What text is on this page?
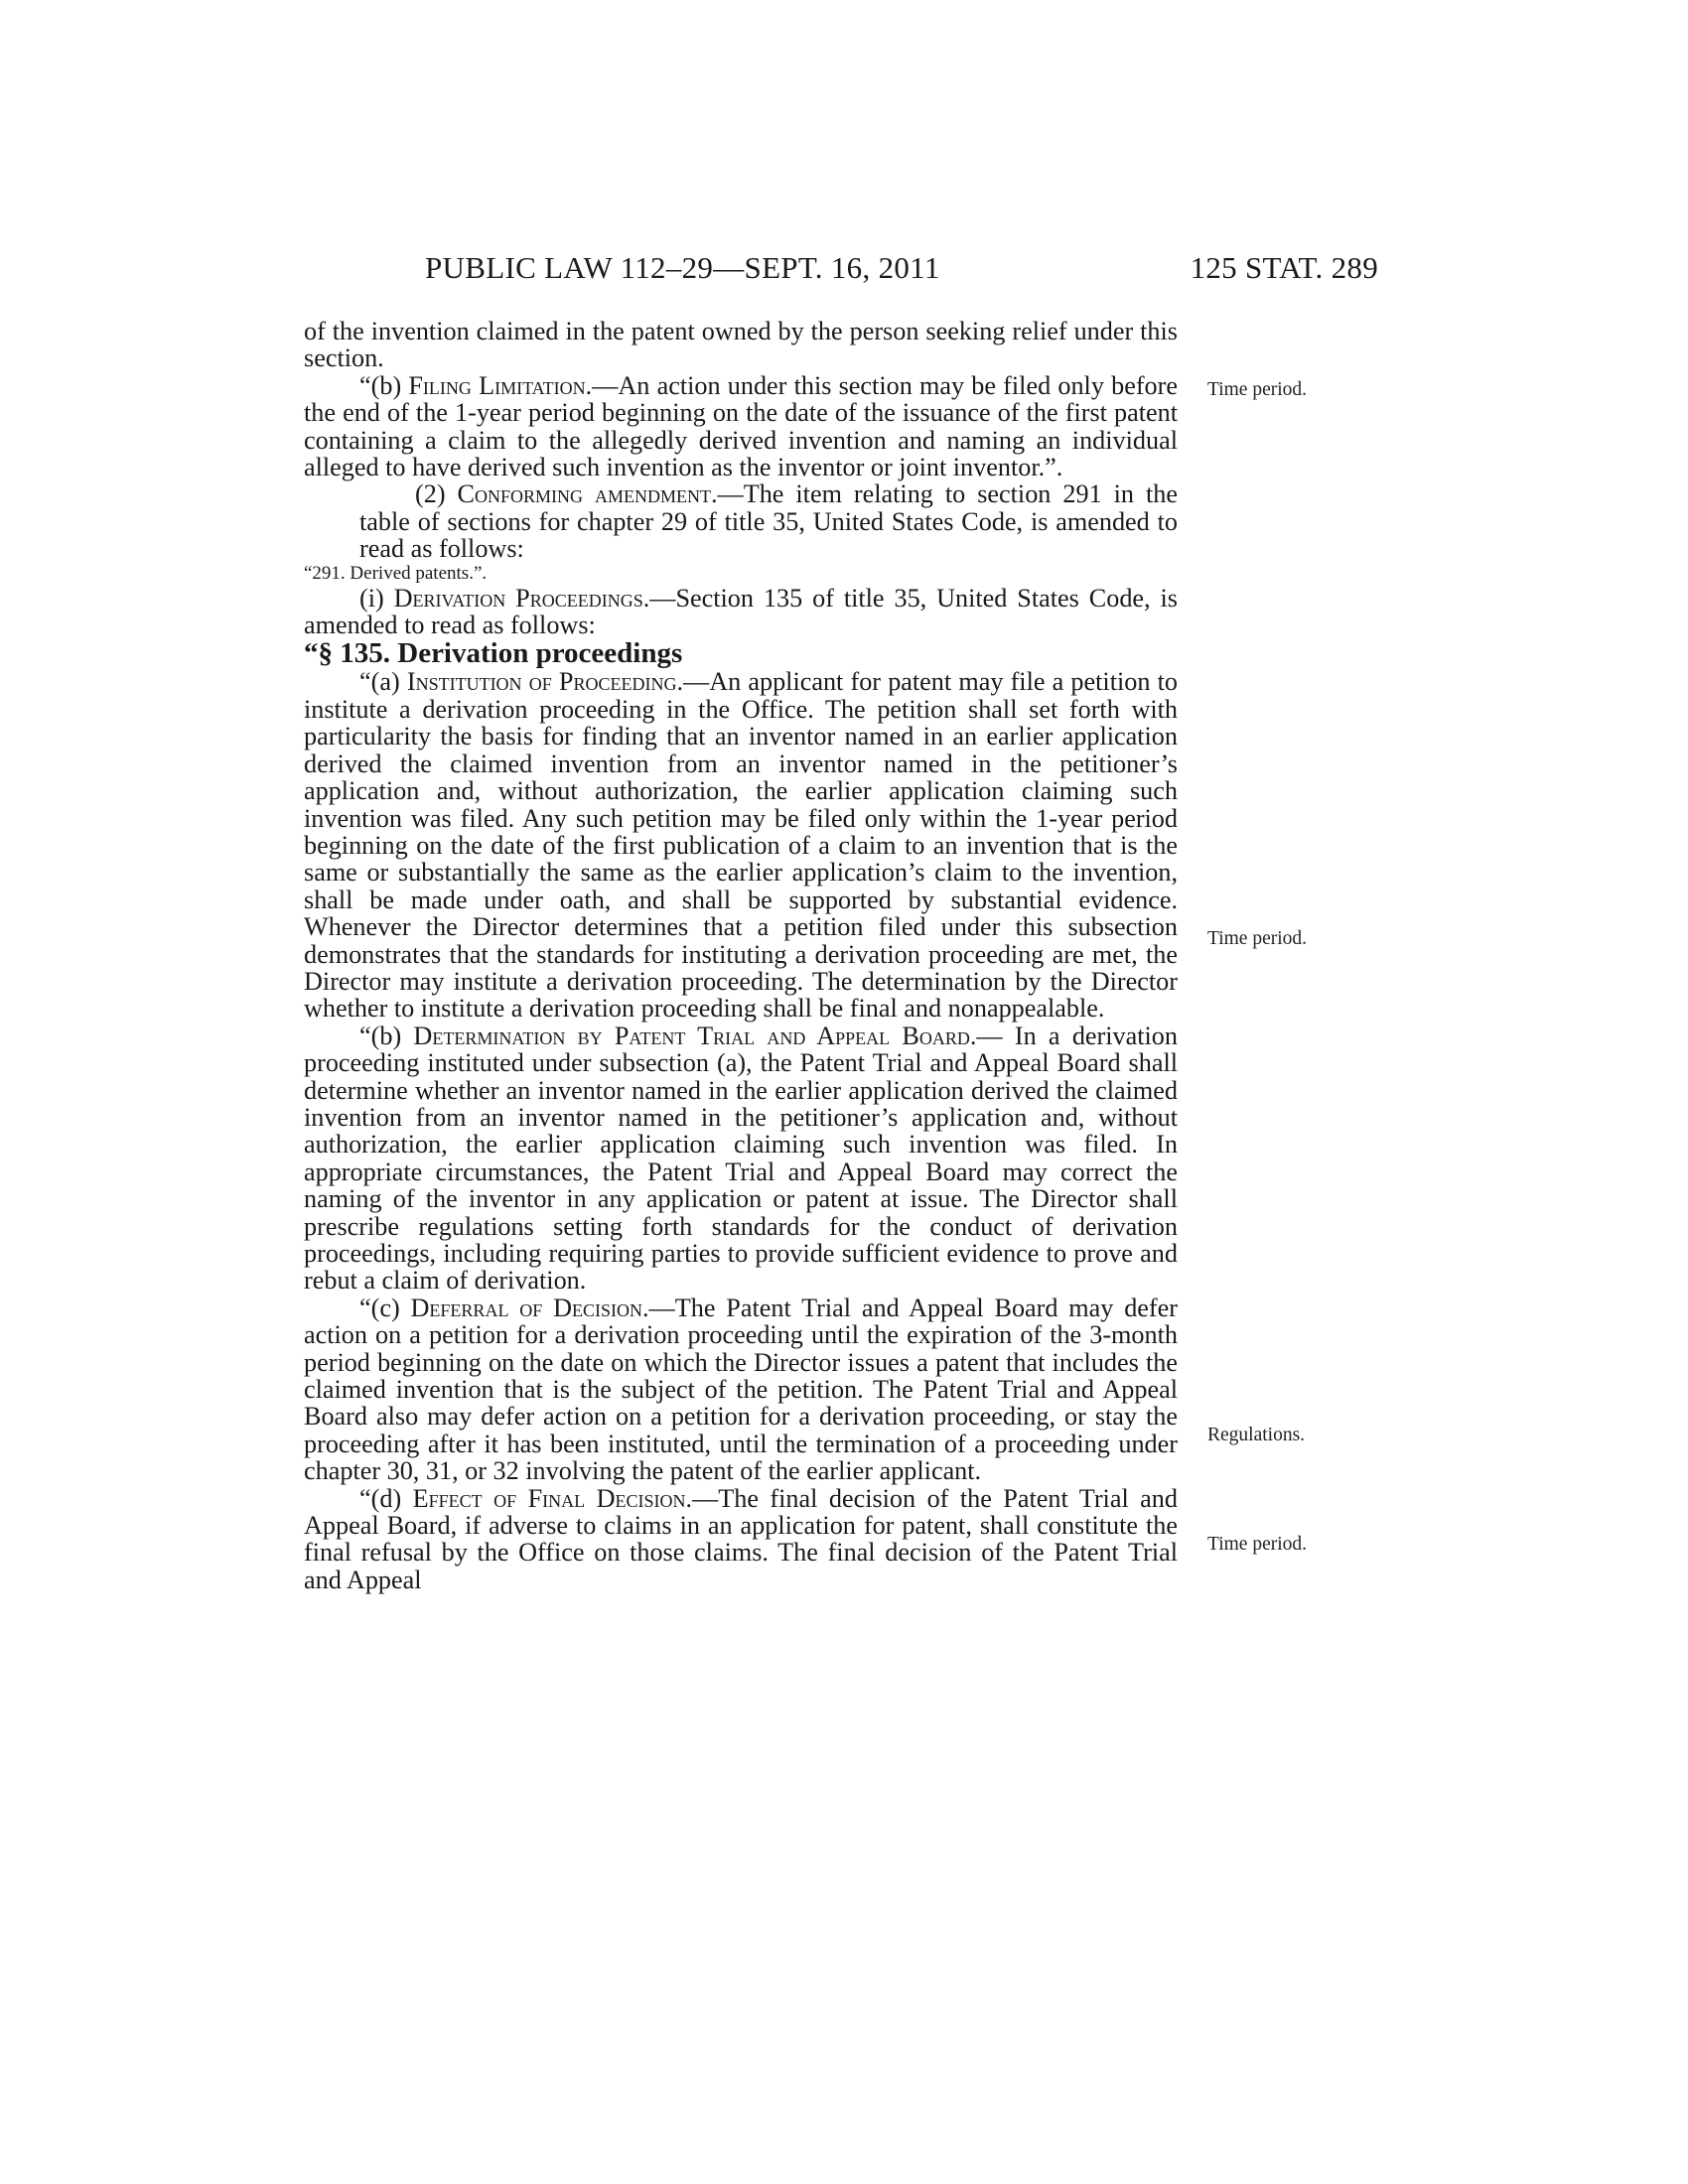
PUBLIC LAW 112–29—SEPT. 16, 2011	125 STAT. 289

of the invention claimed in the patent owned by the person seeking relief under this section.

“(b) Filing Limitation.—An action under this section may be filed only before the end of the 1-year period beginning on the date of the issuance of the first patent containing a claim to the allegedly derived invention and naming an individual alleged to have derived such invention as the inventor or joint inventor.”.

(2) Conforming amendment.—The item relating to section 291 in the table of sections for chapter 29 of title 35, United States Code, is amended to read as follows:

“291. Derived patents.”.

(i) Derivation Proceedings.—Section 135 of title 35, United States Code, is amended to read as follows:

“§ 135. Derivation proceedings

“(a) Institution of Proceeding.—An applicant for patent may file a petition to institute a derivation proceeding in the Office. The petition shall set forth with particularity the basis for finding that an inventor named in an earlier application derived the claimed invention from an inventor named in the petitioner’s application and, without authorization, the earlier application claiming such invention was filed. Any such petition may be filed only within the 1-year period beginning on the date of the first publication of a claim to an invention that is the same or substantially the same as the earlier application’s claim to the invention, shall be made under oath, and shall be supported by substantial evidence. Whenever the Director determines that a petition filed under this subsection demonstrates that the standards for instituting a derivation proceeding are met, the Director may institute a derivation proceeding. The determination by the Director whether to institute a derivation proceeding shall be final and nonappealable.

“(b) Determination by Patent Trial and Appeal Board.— In a derivation proceeding instituted under subsection (a), the Patent Trial and Appeal Board shall determine whether an inventor named in the earlier application derived the claimed invention from an inventor named in the petitioner’s application and, without authorization, the earlier application claiming such invention was filed. In appropriate circumstances, the Patent Trial and Appeal Board may correct the naming of the inventor in any application or patent at issue. The Director shall prescribe regulations setting forth standards for the conduct of derivation proceedings, including requiring parties to provide sufficient evidence to prove and rebut a claim of derivation.

“(c) Deferral of Decision.—The Patent Trial and Appeal Board may defer action on a petition for a derivation proceeding until the expiration of the 3-month period beginning on the date on which the Director issues a patent that includes the claimed invention that is the subject of the petition. The Patent Trial and Appeal Board also may defer action on a petition for a derivation proceeding, or stay the proceeding after it has been instituted, until the termination of a proceeding under chapter 30, 31, or 32 involving the patent of the earlier applicant.

“(d) Effect of Final Decision.—The final decision of the Patent Trial and Appeal Board, if adverse to claims in an application for patent, shall constitute the final refusal by the Office on those claims. The final decision of the Patent Trial and Appeal

Time period.
Time period.
Regulations.
Time period.
